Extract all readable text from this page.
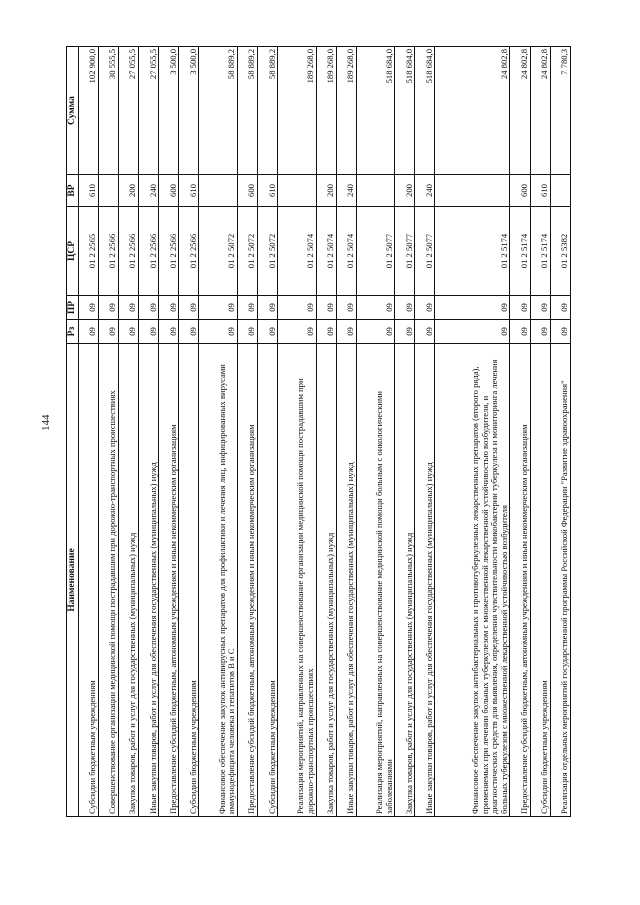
144
Наименование	Рз	ПР	ЦСР	ВР	Сумма
Субсидии бюджетным учреждениям	09	09	01 2 2565	610	102 900,0
Совершенствование организации медицинской помощи пострадавшим при дорожно-транспортных происшествиях	09	09	01 2 2566		30 555,5
Закупка товаров, работ и услуг для государственных (муниципальных) нужд	09	09	01 2 2566	200	27 055,5
Иные закупки товаров, работ и услуг для обеспечения государственных (муниципальных) нужд	09	09	01 2 2566	240	27 055,5
Предоставление субсидий бюджетным, автономным учреждениям и иным некоммерческим организациям	09	09	01 2 2566	600	3 500,0
Субсидии бюджетным учреждениям	09	09	01 2 2566	610	3 500,0
Финансовое обеспечение закупок антивирусных препаратов для профилактики и лечения лиц, инфицированных вирусами иммунодефицита человека и гепатитов В и С	09	09	01 2 5072		58 889,2
Предоставление субсидий бюджетным, автономным учреждениям и иным некоммерческим организациям	09	09	01 2 5072	600	58 889,2
Субсидии бюджетным учреждениям	09	09	01 2 5072	610	58 889,2
Реализация мероприятий, направленных на совершенствование организации медицинской помощи пострадавшим при дорожно-транспортных происшествиях	09	09	01 2 5074		189 268,0
Закупка товаров, работ и услуг для государственных (муниципальных) нужд	09	09	01 2 5074	200	189 268,0
Иные закупки товаров, работ и услуг для обеспечения государственных (муниципальных) нужд	09	09	01 2 5074	240	189 268,0
Реализация мероприятий, направленных на совершенствование медицинской помощи больным с онкологическими заболеваниями	09	09	01 2 5077		518 684,0
Закупка товаров, работ и услуг для государственных (муниципальных) нужд	09	09	01 2 5077	200	518 684,0
Иные закупки товаров, работ и услуг для обеспечения государственных (муниципальных) нужд	09	09	01 2 5077	240	518 684,0
Финансовое обеспечение закупок антибактериальных и противотуберкулезных лекарственных препаратов (второго ряда), применяемых при лечении больных туберкулезом с множественной лекарственной устойчивостью возбудителя, и диагностических средств для выявления, определения чувствительности микобактерии туберкулеза и мониторинга лечения больных туберкулезом с множественной лекарственной устойчивостью возбудителя	09	09	01 2 5174		24 802,8
Предоставление субсидий бюджетным, автономным учреждениям и иным некоммерческим организациям	09	09	01 2 5174	600	24 802,8
Субсидии бюджетным учреждениям	09	09	01 2 5174	610	24 802,8
Реализация отдельных мероприятий государственной программы Российской Федерации "Развитие здравоохранения"	09	09	01 2 5382		7 780,3
